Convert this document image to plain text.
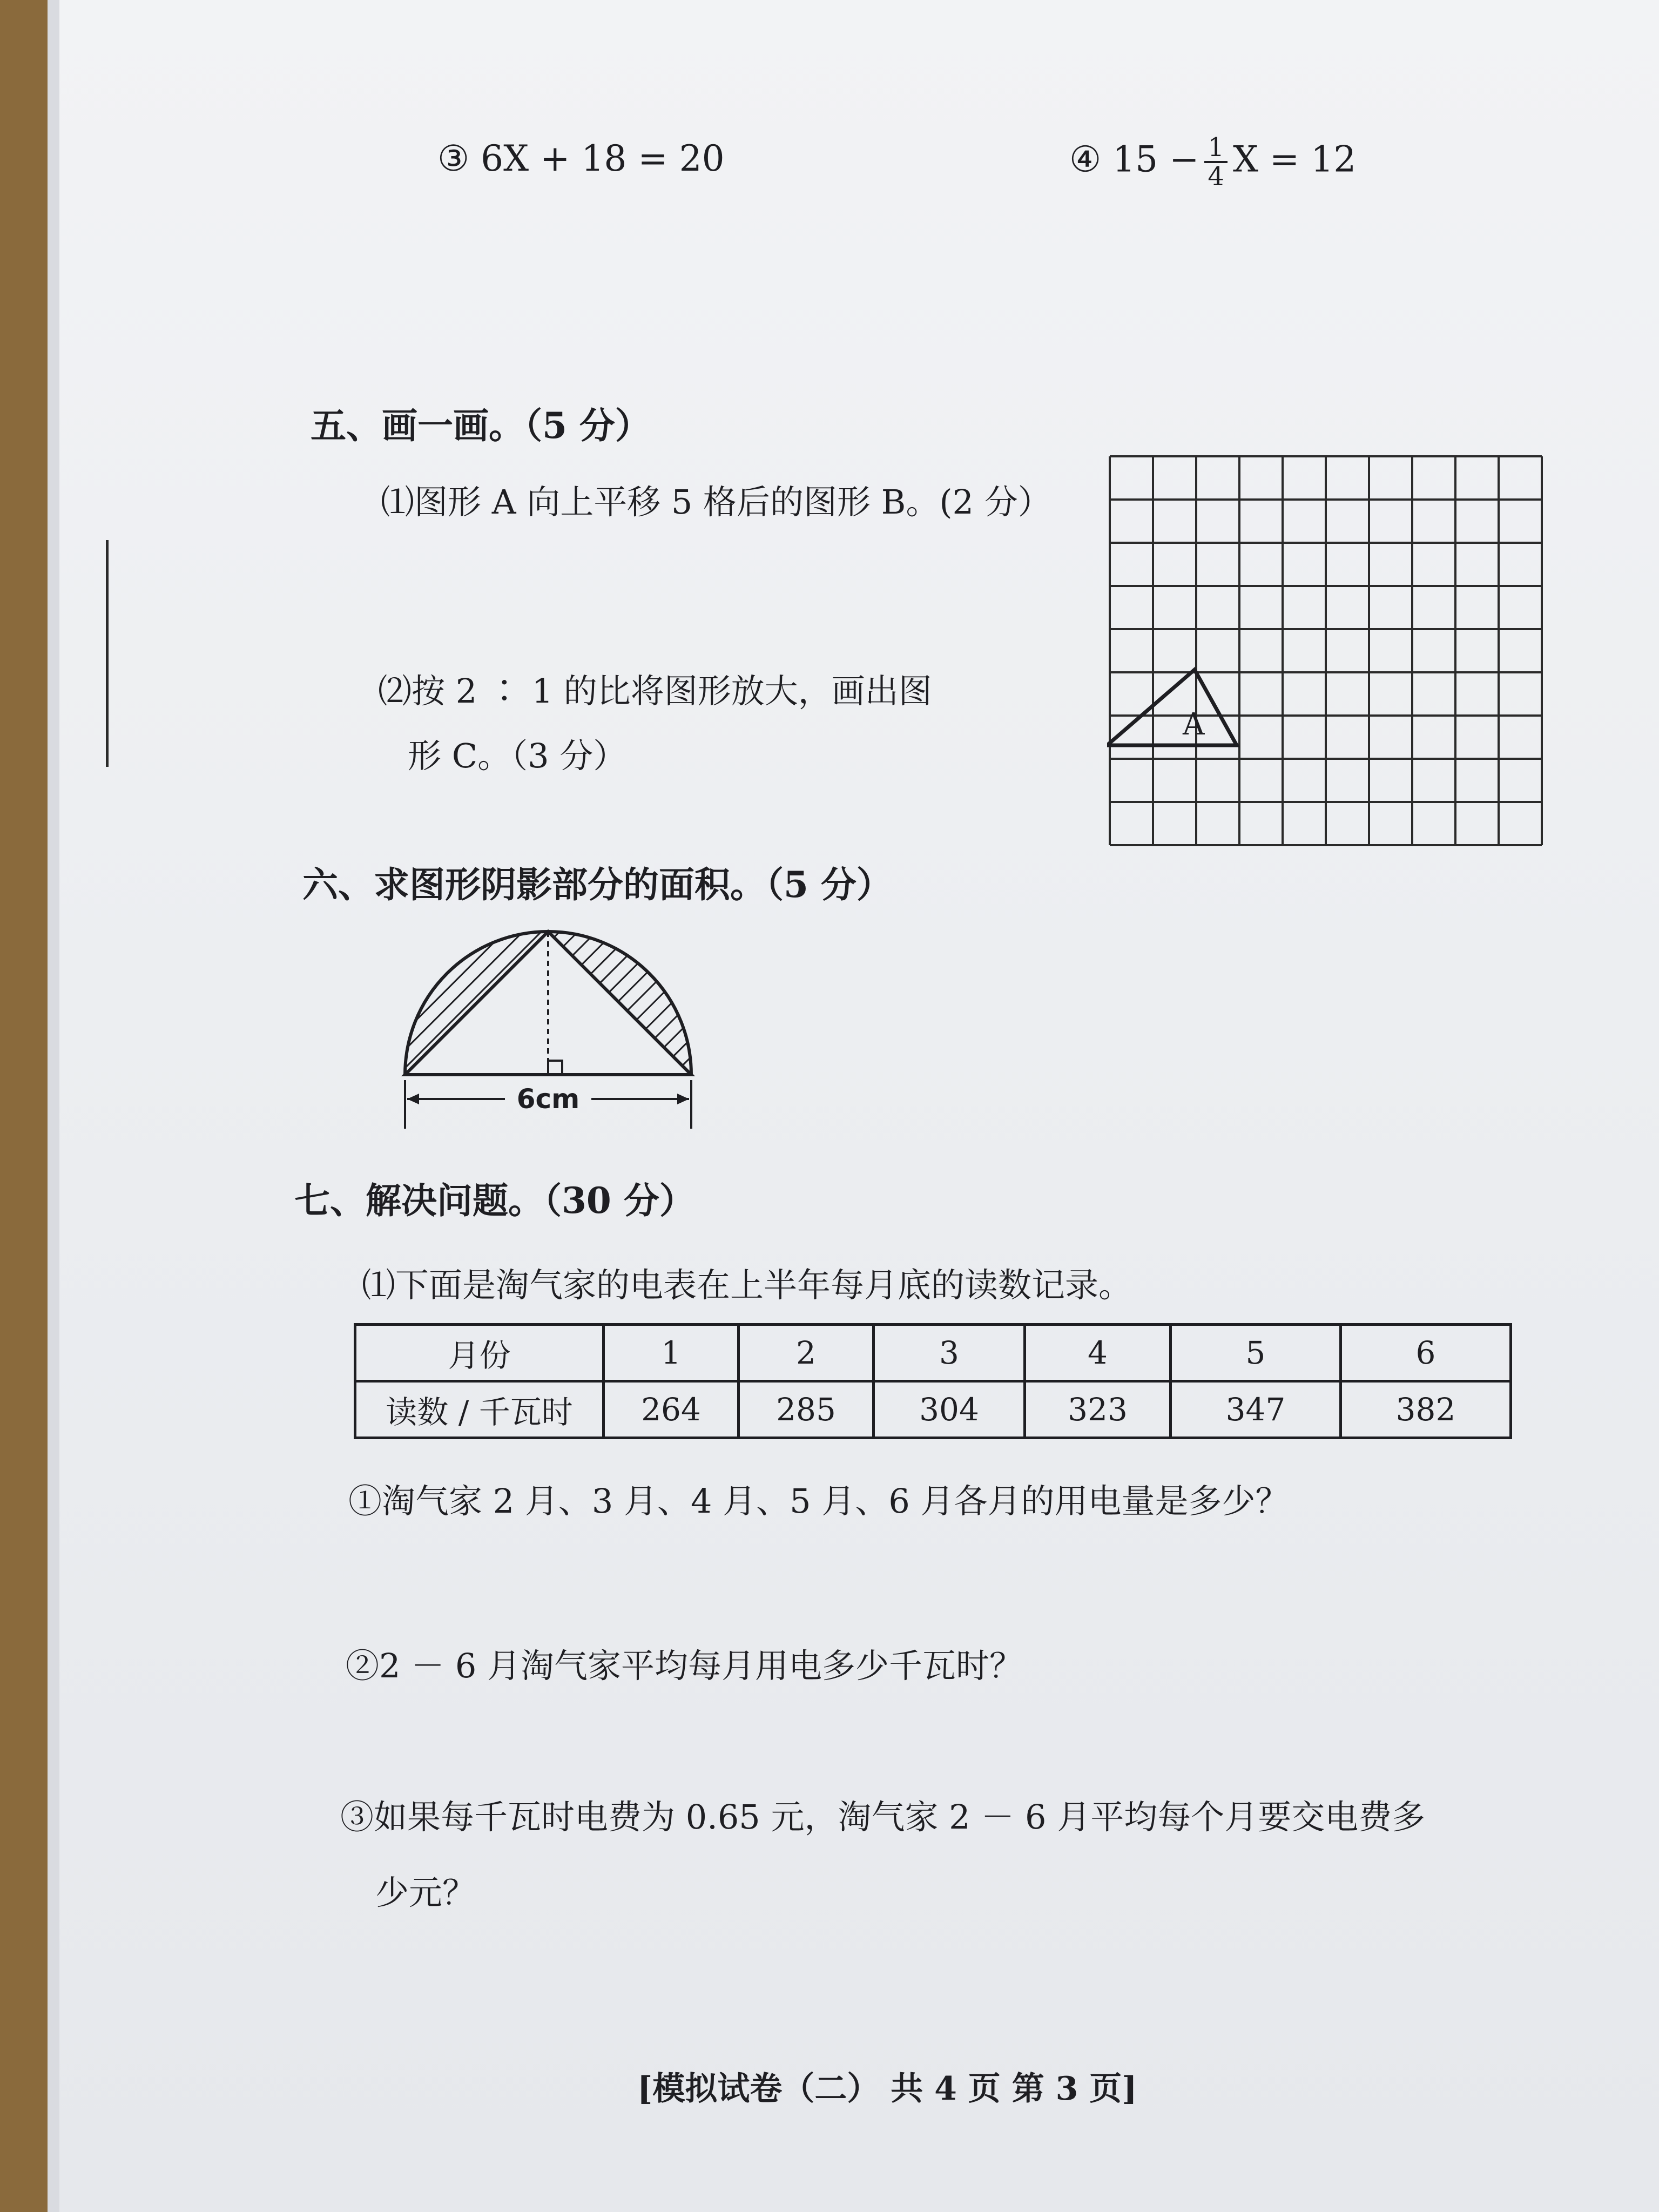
③ 6X + 18 = 20	④ $15 - \frac{1}{4}$ X = 12
五、画一画。（5 分）
⑴图形 A 向上平移 5 格后的图形 B。(2 分）
⑵按 2 ∶ 1 的比将图形放大，画出图
形 C。（3 分）
A
六、求图形阴影部分的面积。（5 分）
6cm
七、解决问题。（30 分）
⑴下面是淘气家的电表在上半年每月底的读数记录。
月份	1	2	3	4	5	6
读数 / 千瓦时	264	285	304	323	347	382
①淘气家 2 月、3 月、4 月、5 月、6 月各月的用电量是多少？
②2 － 6 月淘气家平均每月用电多少千瓦时？
③如果每千瓦时电费为 0.65 元，淘气家 2 － 6 月平均每个月要交电费多
少元？
[模拟试卷（二） 共 4 页 第 3 页]
